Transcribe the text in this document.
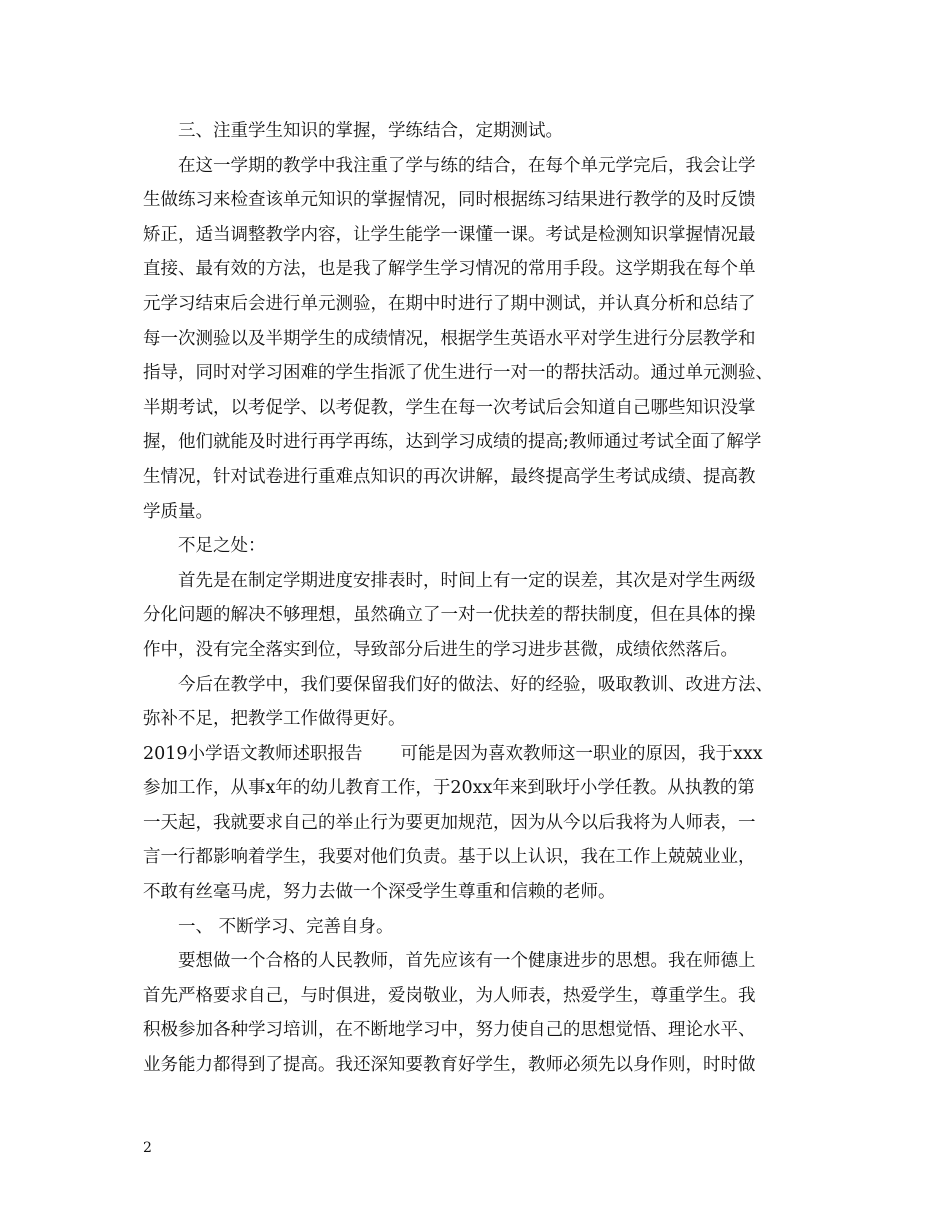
三、注重学生知识的掌握，学练结合，定期测试。
在这一学期的教学中我注重了学与练的结合，在每个单元学完后，我会让学
生做练习来检查该单元知识的掌握情况，同时根据练习结果进行教学的及时反馈
矫正，适当调整教学内容，让学生能学一课懂一课。考试是检测知识掌握情况最
直接、最有效的方法，也是我了解学生学习情况的常用手段。这学期我在每个单
元学习结束后会进行单元测验，在期中时进行了期中测试，并认真分析和总结了
每一次测验以及半期学生的成绩情况，根据学生英语水平对学生进行分层教学和
指导，同时对学习困难的学生指派了优生进行一对一的帮扶活动。通过单元测验、
半期考试，以考促学、以考促教，学生在每一次考试后会知道自己哪些知识没掌
握，他们就能及时进行再学再练，达到学习成绩的提高;教师通过考试全面了解学
生情况，针对试卷进行重难点知识的再次讲解，最终提高学生考试成绩、提高教
学质量。
不足之处：
首先是在制定学期进度安排表时，时间上有一定的误差，其次是对学生两级
分化问题的解决不够理想，虽然确立了一对一优扶差的帮扶制度，但在具体的操
作中，没有完全落实到位，导致部分后进生的学习进步甚微，成绩依然落后。
今后在教学中，我们要保留我们好的做法、好的经验，吸取教训、改进方法、
弥补不足，把教学工作做得更好。
2019小学语文教师述职报告 可能是因为喜欢教师这一职业的原因，我于xxx
参加工作，从事x年的幼儿教育工作，于20xx年来到耿圩小学任教。从执教的第
一天起，我就要求自己的举止行为要更加规范，因为从今以后我将为人师表，一
言一行都影响着学生，我要对他们负责。基于以上认识，我在工作上兢兢业业，
不敢有丝毫马虎，努力去做一个深受学生尊重和信赖的老师。
一、 不断学习、完善自身。
要想做一个合格的人民教师，首先应该有一个健康进步的思想。我在师德上
首先严格要求自己，与时俱进，爱岗敬业，为人师表，热爱学生，尊重学生。我
积极参加各种学习培训，在不断地学习中，努力使自己的思想觉悟、理论水平、
业务能力都得到了提高。我还深知要教育好学生，教师必须先以身作则，时时做
2
